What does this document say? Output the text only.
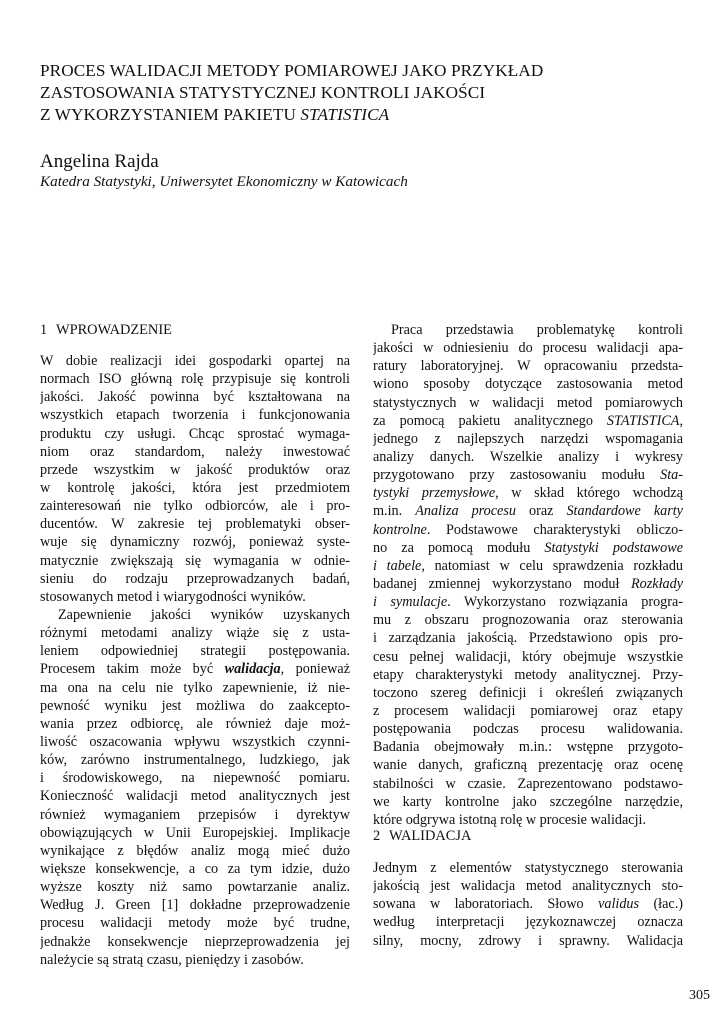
PROCES WALIDACJI METODY POMIAROWEJ JAKO PRZYKŁAD
ZASTOSOWANIA STATYSTYCZNEJ KONTROLI JAKOŚCI
Z WYKORZYSTANIEM PAKIETU STATISTICA
Angelina Rajda
Katedra Statystyki, Uniwersytet Ekonomiczny w Katowicach
1 WPROWADZENIE
W dobie realizacji idei gospodarki opartej na
normach ISO główną rolę przypisuje się kontroli
jakości. Jakość powinna być kształtowana na
wszystkich etapach tworzenia i funkcjonowania
produktu czy usługi. Chcąc sprostać wymaga-
niom oraz standardom, należy inwestować
przede wszystkim w jakość produktów oraz
w kontrolę jakości, która jest przedmiotem
zainteresowań nie tylko odbiorców, ale i pro-
ducentów. W zakresie tej problematyki obser-
wuje się dynamiczny rozwój, ponieważ syste-
matycznie zwiększają się wymagania w odnie-
sieniu do rodzaju przeprowadzanych badań,
stosowanych metod i wiarygodności wyników.
Zapewnienie jakości wyników uzyskanych
różnymi metodami analizy wiąże się z usta-
leniem odpowiedniej strategii postępowania.
Procesem takim może być walidacja, ponieważ
ma ona na celu nie tylko zapewnienie, iż nie-
pewność wyniku jest możliwa do zaakcepto-
wania przez odbiorcę, ale również daje moż-
liwość oszacowania wpływu wszystkich czynni-
ków, zarówno instrumentalnego, ludzkiego, jak
i środowiskowego, na niepewność pomiaru.
Konieczność walidacji metod analitycznych jest
również wymaganiem przepisów i dyrektyw
obowiązujących w Unii Europejskiej. Implikacje
wynikające z błędów analiz mogą mieć dużo
większe konsekwencje, a co za tym idzie, dużo
wyższe koszty niż samo powtarzanie analiz.
Według J. Green [1] dokładne przeprowadzenie
procesu walidacji metody może być trudne,
jednakże konsekwencje nieprzeprowadzenia jej
należycie są stratą czasu, pieniędzy i zasobów.
Praca przedstawia problematykę kontroli
jakości w odniesieniu do procesu walidacji apa-
ratury laboratoryjnej. W opracowaniu przedsta-
wiono sposoby dotyczące zastosowania metod
statystycznych w walidacji metod pomiarowych
za pomocą pakietu analitycznego STATISTICA,
jednego z najlepszych narzędzi wspomagania
analizy danych. Wszelkie analizy i wykresy
przygotowano przy zastosowaniu modułu Sta-
tystyki przemysłowe, w skład którego wchodzą
m.in. Analiza procesu oraz Standardowe karty
kontrolne. Podstawowe charakterystyki obliczo-
no za pomocą modułu Statystyki podstawowe
i tabele, natomiast w celu sprawdzenia rozkładu
badanej zmiennej wykorzystano moduł Rozkłady
i symulacje. Wykorzystano rozwiązania progra-
mu z obszaru prognozowania oraz sterowania
i zarządzania jakością. Przedstawiono opis pro-
cesu pełnej walidacji, który obejmuje wszystkie
etapy charakterystyki metody analitycznej. Przy-
toczono szereg definicji i określeń związanych
z procesem walidacji pomiarowej oraz etapy
postępowania podczas procesu walidowania.
Badania obejmowały m.in.: wstępne przygoto-
wanie danych, graficzną prezentację oraz ocenę
stabilności w czasie. Zaprezentowano podstawo-
we karty kontrolne jako szczególne narzędzie,
które odgrywa istotną rolę w procesie walidacji.
2 WALIDACJA
Jednym z elementów statystycznego sterowania
jakością jest walidacja metod analitycznych sto-
sowana w laboratoriach. Słowo validus (łac.)
według interpretacji językoznawczej oznacza
silny, mocny, zdrowy i sprawny. Walidacja
305
